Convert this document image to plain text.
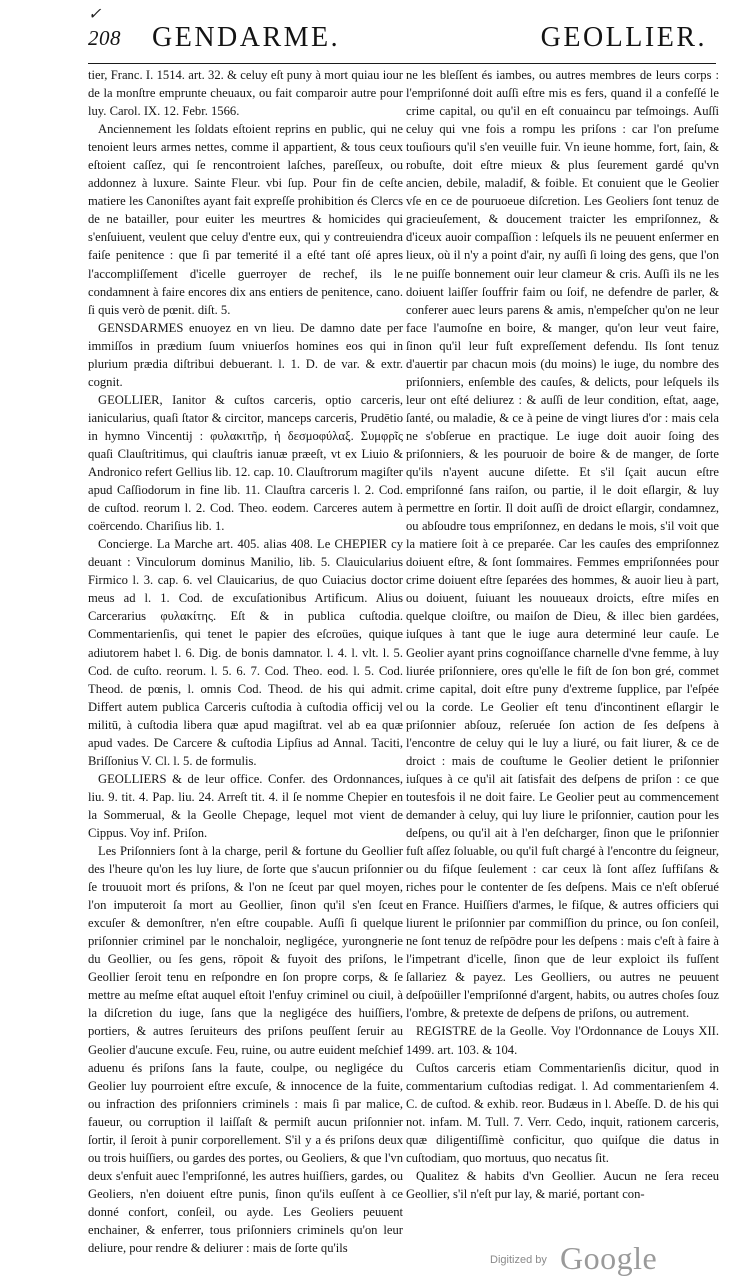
✓
208 GENDARME.	GEOLLIER.

tier, Franc. I. 1514. art. 32. & celuy eſt puny à mort quiau iour de la monſtre emprunte cheuaux, ou fait comparoir autre pour luy. Carol. IX. 12. Febr. 1566.

Anciennement les ſoldats eſtoient reprins en public, qui ne tenoient leurs armes nettes, comme il appartient, & tous ceux eſtoient caſſez, qui ſe rencontroient laſches, pareſſeux, ou addonnez à luxure. Sainte Fleur. vbi ſup. Pour fin de ceſte matiere les Canoniſtes ayant fait expreſſe prohibition és Clercs de ne batailler, pour euiter les meurtres & homicides qui s'enſuiuent, veulent que celuy d'entre eux, qui y contreuiendra faiſe penitence : que ſi par temerité il a eſté tant oſé apres l'accompliſſement d'icelle guerroyer de rechef, ils le condamnent à faire encores dix ans entiers de penitence, cano. ſi quis verò de pœnit. diſt. 5.

GENSDARMES enuoyez en vn lieu. De damno date per immiſſos in prædium ſuum vniuerſos homines eos qui in plurium prædia diſtribui debuerant. l. 1. D. de var. & extr. cognit.

GEOLLIER, Ianitor & cuſtos carceris, optio carceris, ianicularius, quaſi ſtator & circitor, manceps carceris, Prudētio in hymno Vincentij : φυλακιτῆρ, ἡ δεσμοφύλαξ. Συμφρῖς quaſi Clauſtritimus, qui clauſtris ianuæ præeſt, vt ex Liuio & Andronico refert Gellius lib. 12. cap. 10. Clauſtrorum magiſter apud Caſſiodorum in fine lib. 11. Clauſtra carceris l. 2. Cod. de cuſtod. reorum l. 2. Cod. Theo. eodem. Carceres autem à coërcendo. Chariſius lib. 1.

Concierge. La Marche art. 405. alias 408. Le CHEPIER cy deuant : Vinculorum dominus Manilio, lib. 5. Clauicularius Firmico l. 3. cap. 6. vel Clauicarius, de quo Cuiacius doctor meus ad l. 1. Cod. de excuſationibus Artificum. Alius Carcerarius φυλακίτης. Eſt & in publica cuſtodia. Commentarienſis, qui tenet le papier des eſcroües, quique adiutorem habet l. 6. Dig. de bonis damnator. l. 4. l. vlt. l. 5. Cod. de cuſto. reorum. l. 5. 6. 7. Cod. Theo. eod. l. 5. Cod. Theod. de pœnis, l. omnis Cod. Theod. de his qui admit. Differt autem publica Carceris cuſtodia à cuſtodia officij vel militū, à cuſtodia libera quæ apud magiſtrat. vel ab ea quæ apud vades. De Carcere & cuſtodia Lipſius ad Annal. Taciti, Briſſonius V. Cl. l. 5. de formulis.

GEOLLIERS & de leur office. Confer. des Ordonnances, liu. 9. tit. 4. Pap. liu. 24. Arreſt tit. 4. il ſe nomme Chepier en la Sommerual, & la Geolle Chepage, lequel mot vient de Cippus. Voy inf. Priſon.

Les Priſonniers ſont à la charge, peril & fortune du Geollier des l'heure qu'on les luy liure, de ſorte que s'aucun priſonnier ſe trouuoit mort és priſons, & l'on ne ſceut par quel moyen, l'on imputeroit ſa mort au Geollier, ſinon qu'il s'en ſceut excuſer & demonſtrer, n'en eſtre coupable. Auſſi ſi quelque priſonnier criminel par le nonchaloir, negligéce, yurongnerie du Geollier, ou ſes gens, rōpoit & fuyoit des priſons, le Geollier ſeroit tenu en reſpondre en ſon propre corps, & ſe mettre au meſme eſtat auquel eſtoit l'enfuy criminel ou ciuil, à la diſcretion du iuge, ſans que la negligéce des huiſſiers, portiers, & autres ſeruiteurs des priſons peuſſent ſeruir au Geolier d'aucune excuſe. Feu, ruine, ou autre euident meſchief aduenu és priſons ſans la faute, coulpe, ou negligéce du Geolier luy pourroient eſtre excuſe, & innocence de la fuite, ou infraction des priſonniers criminels : mais ſi par malice, faueur, ou corruption il laiſſaſt & permiſt aucun priſonnier ſortir, il ſeroit à punir corporellement. S'il y a és priſons deux ou trois huiſſiers, ou gardes des portes, ou Geoliers, & que l'vn deux s'enfuit auec l'empriſonné, les autres huiſſiers, gardes, ou Geoliers, n'en doiuent eſtre punis, ſinon qu'ils euſſent à ce donné confort, conſeil, ou ayde. Les Geoliers peuuent enchainer, & enferrer, tous priſonniers criminels qu'on leur deliure, pour rendre & deliurer : mais de ſorte qu'ils

ne les bleſſent és iambes, ou autres membres de leurs corps : l'empriſonné doit auſſi eſtre mis es fers, quand il a confeſſé le crime capital, ou qu'il en eſt conuaincu par teſmoings. Auſſi celuy qui vne fois a rompu les priſons : car l'on preſume touſiours qu'il s'en veuille fuir. Vn ieune homme, fort, ſain, & robuſte, doit eſtre mieux & plus ſeurement gardé qu'vn ancien, debile, maladif, & foible. Et conuient que le Geolier vſe en ce de pouruoeue diſcretion. Les Geoliers ſont tenuz de gracieuſement, & doucement traicter les empriſonnez, & d'iceux auoir compaſſion : leſquels ils ne peuuent enſermer en lieux, où il n'y a point d'air, ny auſſi ſi loing des gens, que l'on ne puiſſe bonnement ouir leur clameur & cris. Auſſi ils ne les doiuent laiſſer ſouffrir faim ou ſoif, ne defendre de parler, & conferer auec leurs parens & amis, n'empeſcher qu'on ne leur face l'aumoſne en boire, & manger, qu'on leur veut faire, ſinon qu'il leur fuſt expreſſement defendu. Ils ſont tenuz d'auertir par chacun mois (du moins) le iuge, du nombre des priſonniers, enſemble des cauſes, & delicts, pour leſquels ils leur ont eſté deliurez : & auſſi de leur condition, eſtat, aage, ſanté, ou maladie, & ce à peine de vingt liures d'or : mais cela ne s'obſerue en practique. Le iuge doit auoir ſoing des priſonniers, & les pouruoir de boire & de manger, de ſorte qu'ils n'ayent aucune diſette. Et s'il ſçait aucun eſtre empriſonné ſans raiſon, ou partie, il le doit eſlargir, & luy permettre en ſortir. Il doit auſſi de droict eſlargir, condamnez, ou abſoudre tous empriſonnez, en dedans le mois, s'il voit que la matiere ſoit à ce preparée. Car les cauſes des empriſonnez doiuent eſtre, & ſont ſommaires. Femmes empriſonnées pour crime doiuent eſtre ſeparées des hommes, & auoir lieu à part, ou doiuent, ſuiuant les nouueaux droicts, eſtre miſes en quelque cloiſtre, ou maiſon de Dieu, & illec bien gardées, iuſques à tant que le iuge aura determiné leur cauſe. Le Geolier ayant prins cognoiſſance charnelle d'vne femme, à luy liurée priſonniere, ores qu'elle le fiſt de ſon bon gré, commet crime capital, doit eſtre puny d'extreme ſupplice, par l'eſpée ou la corde. Le Geolier eſt tenu d'incontinent eſlargir le priſonnier abſouz, reſeruée ſon action de ſes deſpens à l'encontre de celuy qui le luy a liuré, ou fait liurer, & ce de droict : mais de couſtume le Geolier detient le priſonnier iuſques à ce qu'il ait ſatisfait des deſpens de priſon : ce que toutesfois il ne doit faire. Le Geolier peut au commencement demander à celuy, qui luy liure le priſonnier, caution pour les deſpens, ou qu'il ait à l'en deſcharger, ſinon que le priſonnier fuſt aſſez ſoluable, ou qu'il fuſt chargé à l'encontre du ſeigneur, ou du fiſque ſeulement : car ceux là ſont aſſez ſuffiſans & riches pour le contenter de ſes deſpens. Mais ce n'eſt obſerué en France. Huiſſiers d'armes, le fiſque, & autres officiers qui liurent le priſonnier par commiſſion du prince, ou ſon conſeil, ne ſont tenuz de reſpōdre pour les deſpens : mais c'eſt à faire à l'impetrant d'icelle, ſinon que de leur exploict ils fuſſent ſallariez & payez. Les Geolliers, ou autres ne peuuent deſpoüiller l'empriſonné d'argent, habits, ou autres choſes ſouz l'ombre, & pretexte de deſpens de priſons, ou autrement.

REGISTRE de la Geolle. Voy l'Ordonnance de Louys XII. 1499. art. 103. & 104.

Cuſtos carceris etiam Commentarienſis dicitur, quod in commentarium cuſtodias redigat. l. Ad commentarienſem 4. C. de cuſtod. & exhib. reor. Budæus in l. Abeſſe. D. de his qui not. infam. M. Tull. 7. Verr. Cedo, inquit, rationem carceris, quæ diligentiſſimè conficitur, quo quiſque die datus in cuſtodiam, quo mortuus, quo necatus ſit.

Qualitez & habits d'vn Geollier. Aucun ne ſera receu Geollier, s'il n'eſt pur lay, & marié, portant con-

Digitized by Google
